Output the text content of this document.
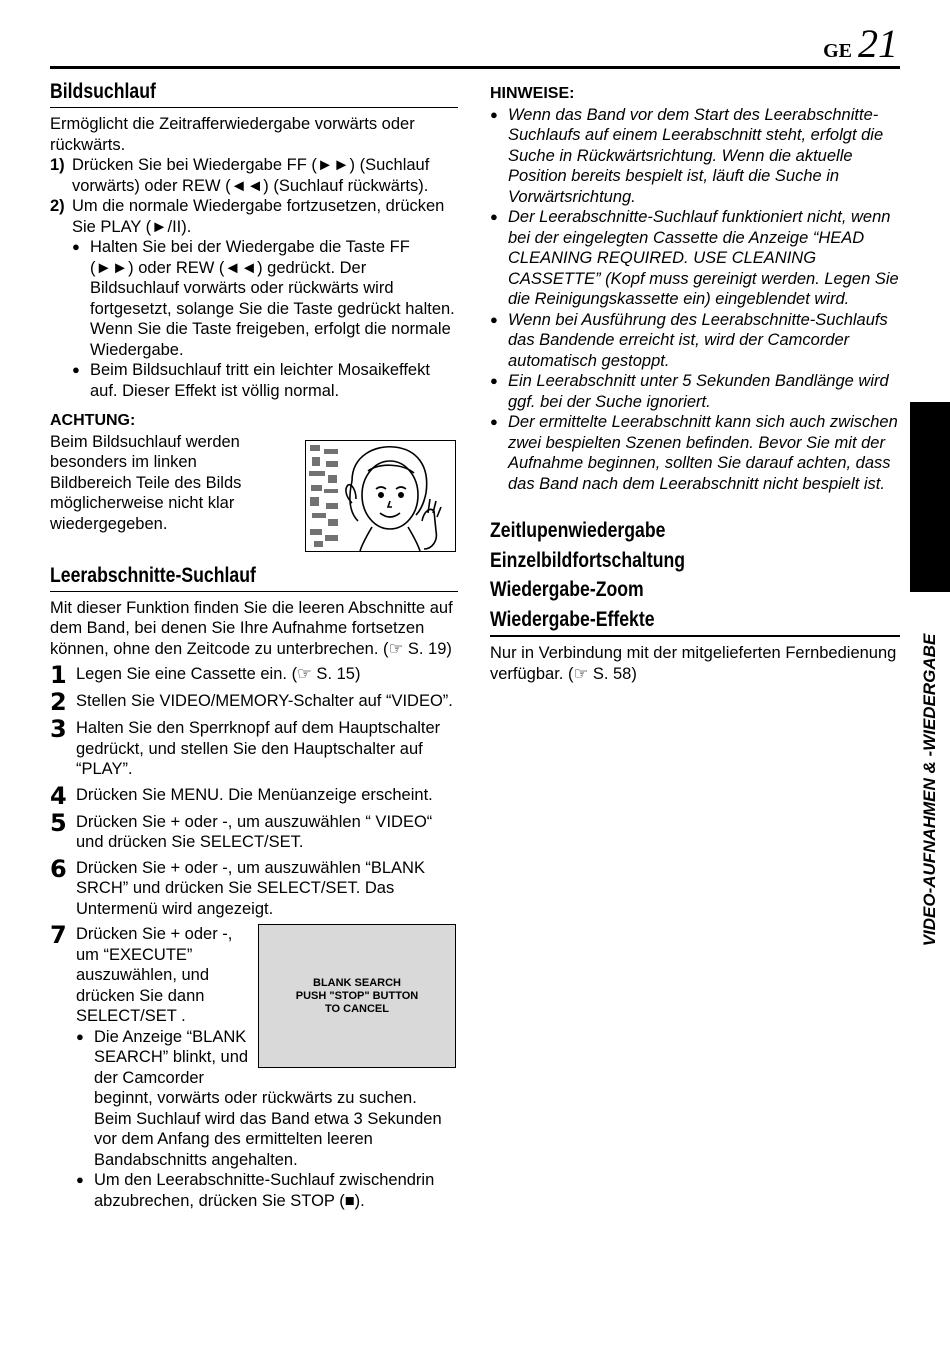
GE 21
Bildsuchlauf

Ermöglicht die Zeitrafferwiedergabe vorwärts oder rückwärts.

1) Drücken Sie bei Wiedergabe FF (►►) (Suchlauf vorwärts) oder REW (◄◄) (Suchlauf rückwärts).
2) Um die normale Wiedergabe fortzusetzen, drücken Sie PLAY (►/II).
● Halten Sie bei der Wiedergabe die Taste FF (►►) oder REW (◄◄) gedrückt. Der Bildsuchlauf vorwärts oder rückwärts wird fortgesetzt, solange Sie die Taste gedrückt halten. Wenn Sie die Taste freigeben, erfolgt die normale Wiedergabe.
● Beim Bildsuchlauf tritt ein leichter Mosaikeffekt auf. Dieser Effekt ist völlig normal.

ACHTUNG:

Beim Bildsuchlauf werden besonders im linken Bildbereich Teile des Bilds möglicherweise nicht klar wiedergegeben.

Leerabschnitte-Suchlauf

Mit dieser Funktion finden Sie die leeren Abschnitte auf dem Band, bei denen Sie Ihre Aufnahme fortsetzen können, ohne den Zeitcode zu unterbrechen. (☞ S. 19)

1 Legen Sie eine Cassette ein. (☞ S. 15)
2 Stellen Sie VIDEO/MEMORY-Schalter auf “VIDEO”.
3 Halten Sie den Sperrknopf auf dem Hauptschalter gedrückt, und stellen Sie den Hauptschalter auf “PLAY”.
4 Drücken Sie MENU. Die Menüanzeige erscheint.
5 Drücken Sie + oder -, um auszuwählen “ VIDEO“ und drücken Sie SELECT/SET.
6 Drücken Sie + oder -, um auszuwählen “BLANK SRCH” und drücken Sie SELECT/SET. Das Untermenü wird angezeigt.
BLANK SEARCH
PUSH "STOP" BUTTON
TO CANCEL
7 Drücken Sie + oder -, um “EXECUTE” auszuwählen, und drücken Sie dann SELECT/SET .
● Die Anzeige “BLANK SEARCH” blinkt, und der Camcorder beginnt, vorwärts oder rückwärts zu suchen. Beim Suchlauf wird das Band etwa 3 Sekunden vor dem Anfang des ermittelten leeren Bandabschnitts angehalten.
● Um den Leerabschnitte-Suchlauf zwischendrin abzubrechen, drücken Sie STOP (■).

HINWEISE:

● Wenn das Band vor dem Start des Leerabschnitte-Suchlaufs auf einem Leerabschnitt steht, erfolgt die Suche in Rückwärtsrichtung. Wenn die aktuelle Position bereits bespielt ist, läuft die Suche in Vorwärtsrichtung.
● Der Leerabschnitte-Suchlauf funktioniert nicht, wenn bei der eingelegten Cassette die Anzeige “HEAD CLEANING REQUIRED. USE CLEANING CASSETTE” (Kopf muss gereinigt werden. Legen Sie die Reinigungskassette ein) eingeblendet wird.
● Wenn bei Ausführung des Leerabschnitte-Suchlaufs das Bandende erreicht ist, wird der Camcorder automatisch gestoppt.
● Ein Leerabschnitt unter 5 Sekunden Bandlänge wird ggf. bei der Suche ignoriert.
● Der ermittelte Leerabschnitt kann sich auch zwischen zwei bespielten Szenen befinden. Bevor Sie mit der Aufnahme beginnen, sollten Sie darauf achten, dass das Band nach dem Leerabschnitt nicht bespielt ist.
Zeitlupenwiedergabe
Einzelbildfortschaltung
Wiedergabe-Zoom
Wiedergabe-Effekte

Nur in Verbindung mit der mitgelieferten Fernbedienung verfügbar. (☞ S. 58)	VIDEO-AUFNAHMEN & -WIEDERGABE
